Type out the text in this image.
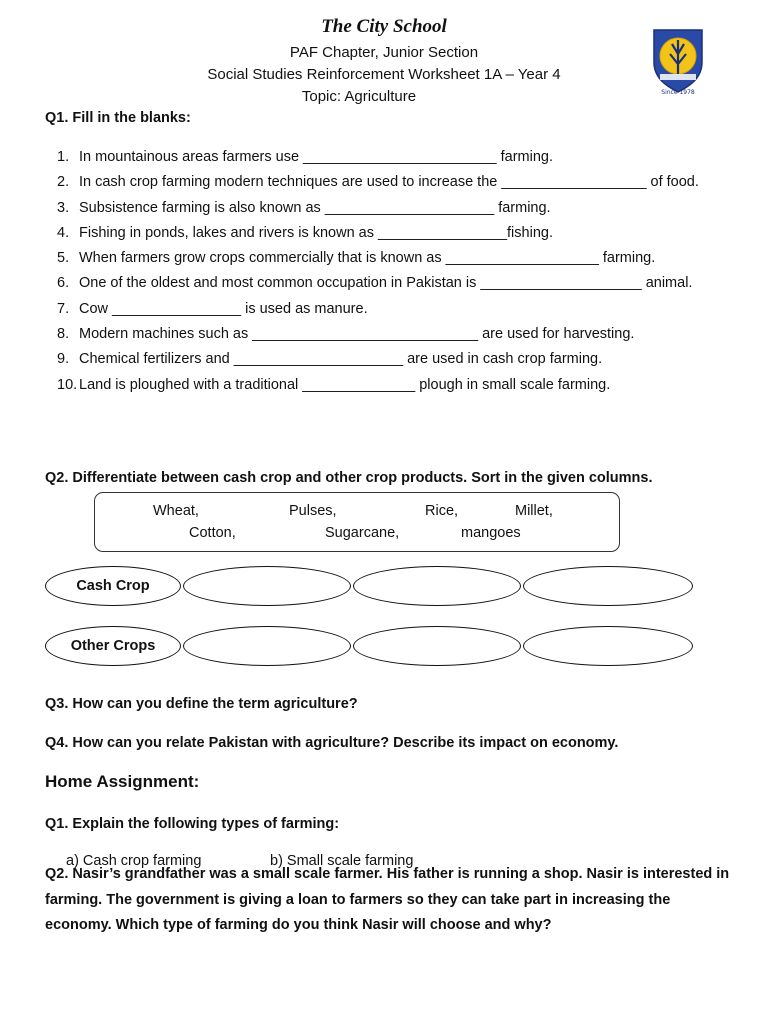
The City School
PAF Chapter, Junior Section
Social Studies Reinforcement Worksheet 1A – Year 4
Topic: Agriculture	Since 1978
Q1. Fill in the blanks:
1. In mountainous areas farmers use ________________________ farming.
2. In cash crop farming modern techniques are used to increase the __________________ of food.
3. Subsistence farming is also known as _____________________ farming.
4. Fishing in ponds, lakes and rivers is known as ________________fishing.
5. When farmers grow crops commercially that is known as ___________________ farming.
6. One of the oldest and most common occupation in Pakistan is ____________________ animal.
7. Cow ________________ is used as manure.
8. Modern machines such as ____________________________ are used for harvesting.
9. Chemical fertilizers and _____________________ are used in cash crop farming.
10. Land is ploughed with a traditional ______________ plough in small scale farming.
Q2. Differentiate between cash crop and other crop products. Sort in the given columns.
Wheat,	Pulses,	Rice,	Millet,
Cotton,	Sugarcane,	mangoes
Cash Crop
Other Crops
Q3. How can you define the term agriculture?
Q4. How can you relate Pakistan with agriculture? Describe its impact on economy.
Home Assignment:
Q1. Explain the following types of farming:
a) Cash crop farming	b) Small scale farming
Q2. Nasir’s grandfather was a small scale farmer. His father is running a shop. Nasir is interested in farming. The government is giving a loan to farmers so they can take part in increasing the economy. Which type of farming do you think Nasir will choose and why?
